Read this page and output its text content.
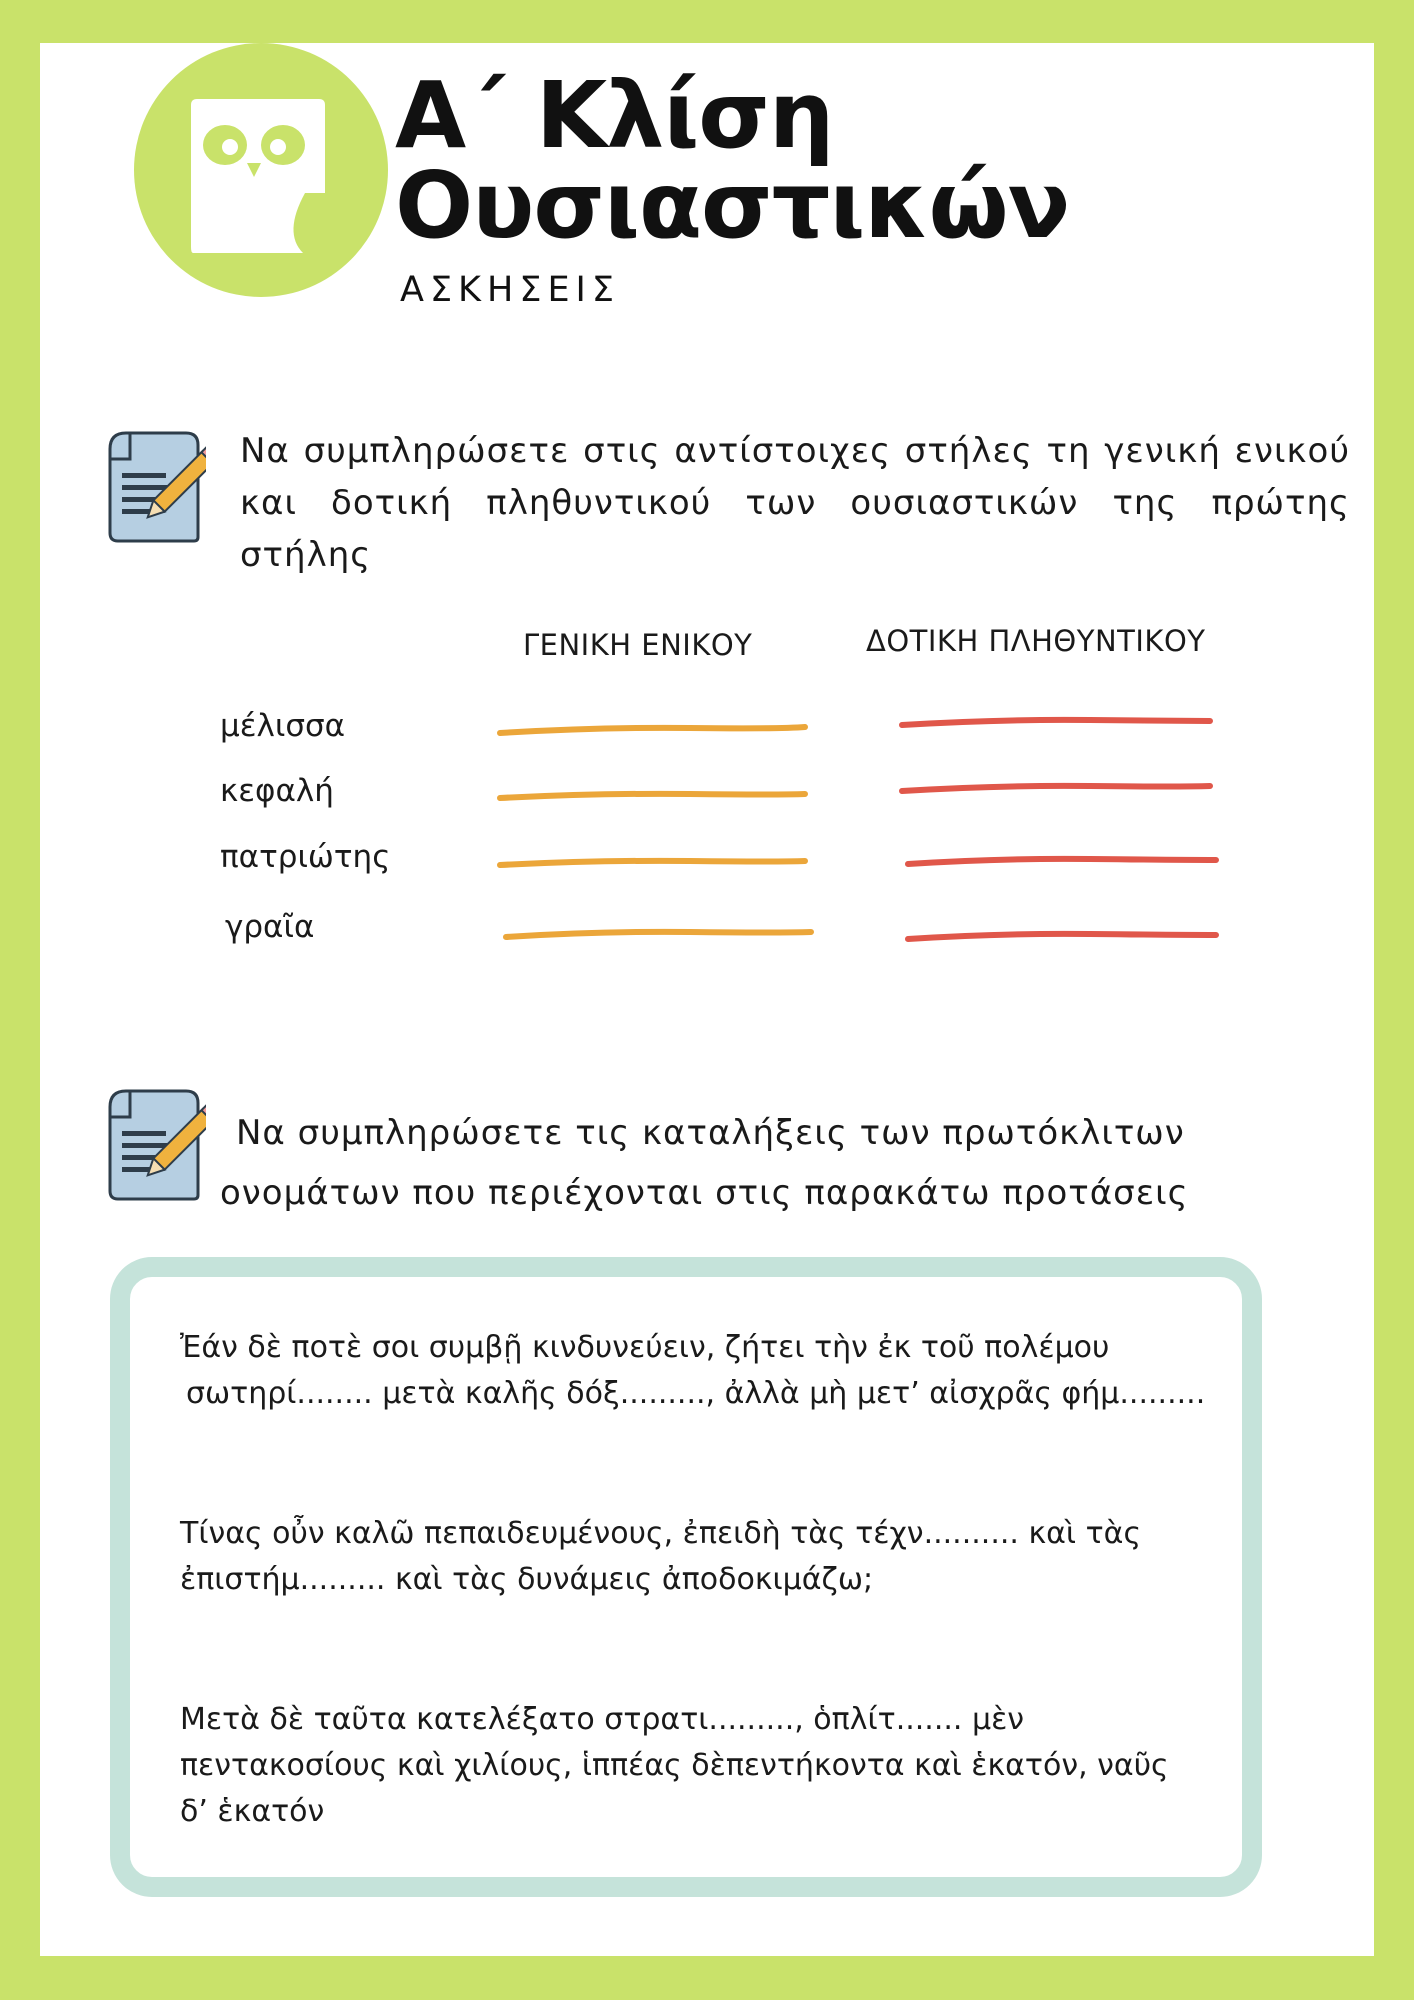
Α΄ Κλίση
Ουσιαστικών
ΑΣΚΗΣΕΙΣ
Να συμπληρώσετε στις αντίστοιχες στήλες τη γενική ενικού και δοτική πληθυντικού των ουσιαστικών της πρώτης στήλης
ΓΕΝΙΚΗ ΕΝΙΚΟΥ	ΔΟΤΙΚΗ ΠΛΗΘΥΝΤΙΚΟΥ
μέλισσα
κεφαλή
πατριώτης
γραῖα
Να συμπληρώσετε τις καταλήξεις των πρωτόκλιτων
ονομάτων που περιέχονται στις παρακάτω προτάσεις
Ἐάν δὲ ποτὲ σοι συμβῇ κινδυνεύειν, ζήτει τὴν ἐκ τοῦ πολέμου
σωτηρί........ μετὰ καλῆς δόξ........., ἀλλὰ μὴ μετ’ αἰσχρᾶς φήμ.........
Τίνας οὖν καλῶ πεπαιδευμένους, ἐπειδὴ τὰς τέχν.......... καὶ τὰς
ἐπιστήμ......... καὶ τὰς δυνάμεις ἀποδοκιμάζω;
Μετὰ δὲ ταῦτα κατελέξατο στρατι........., ὁπλίτ....... μὲν
πεντακοσίους καὶ χιλίους, ἱππέας δὲπεντήκοντα καὶ ἑκατόν, ναῦς
δ’ ἑκατόν
